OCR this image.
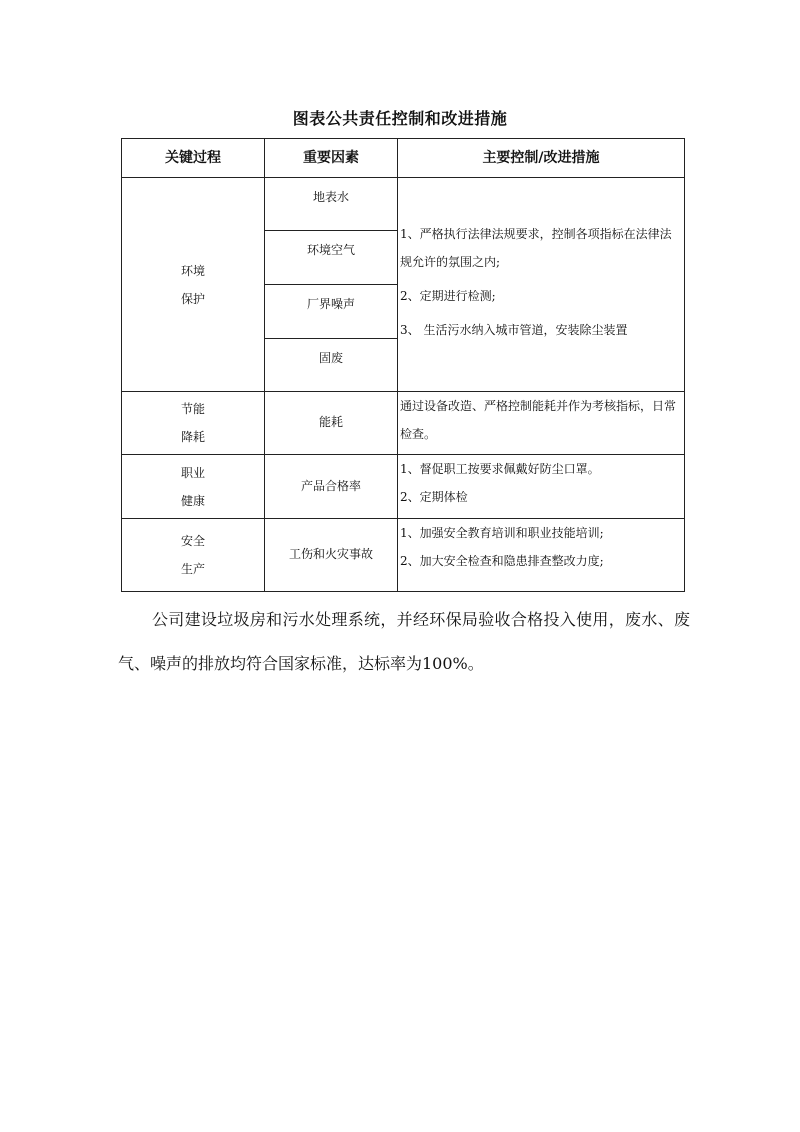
图表公共责任控制和改进措施
关键过程	重要因素	主要控制/改进措施

环境
保护	地表水	1、严格执行法律法规要求，控制各项指标在法律法规允许的氛围之内;
2、定期进行检测;
3、 生活污水纳入城市管道，安装除尘装置

	环境空气	
	厂界噪声	
	固废	

节能
降耗	能耗	通过设备改造、严格控制能耗并作为考核指标，日常检查。

职业
健康	产品合格率	1、督促职工按要求佩戴好防尘口罩。
2、定期体检

安全
生产	工伤和火灾事故	1、加强安全教育培训和职业技能培训;
2、加大安全检查和隐患排查整改力度;
公司建设垃圾房和污水处理系统，并经环保局验收合格投入使用，废水、废气、噪声的排放均符合国家标准，达标率为100%。
